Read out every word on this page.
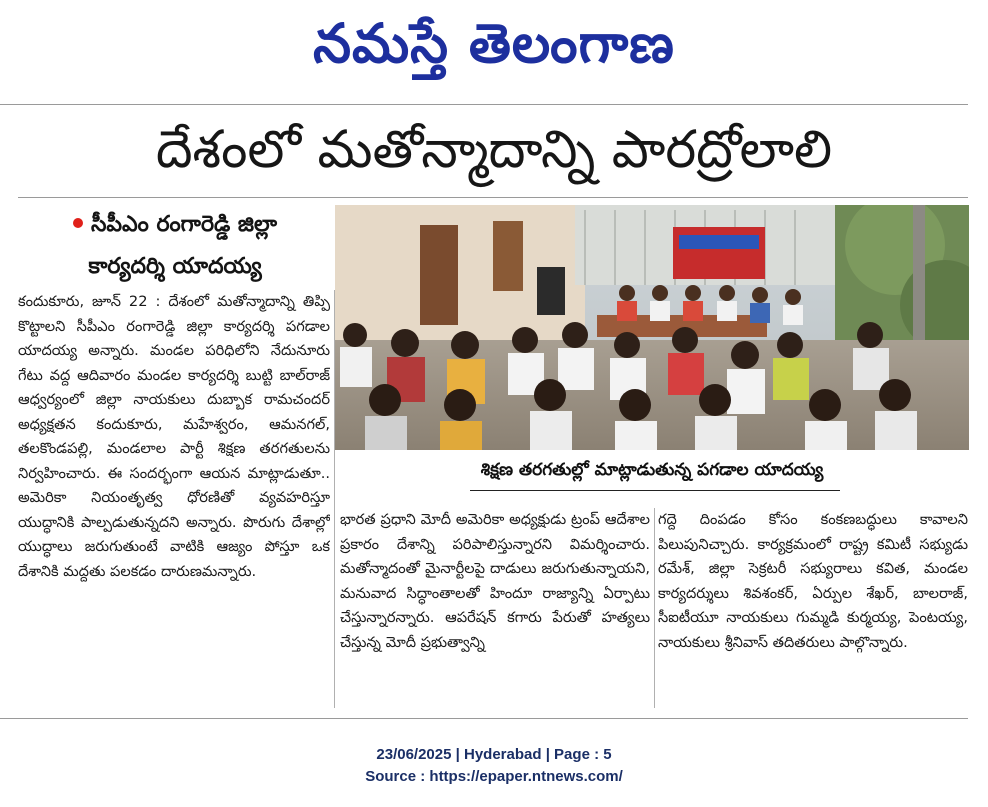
నమస్తే తెలంగాణ
దేశంలో మతోన్మాదాన్ని పారద్రోలాలి
సీపీఎం రంగారెడ్డి జిల్లా
కార్యదర్శి యాదయ్య

కందుకూరు, జూన్ 22 : దేశంలో మతోన్మాదాన్ని తిప్పి కొట్టాలని సీపీఎం రంగారెడ్డి జిల్లా కార్యదర్శి పగడాల యాదయ్య అన్నారు. మండల పరిధిలోని నేదునూరు గేటు వద్ద ఆదివారం మండల కార్యదర్శి బుట్టి బాల్‌రాజ్ ఆధ్వర్యంలో జిల్లా నాయకులు దుబ్బాక రామచందర్ అధ్యక్షతన కందుకూరు, మహేశ్వరం, ఆమనగల్, తలకొండపల్లి, మండలాల పార్టీ శిక్షణ తరగతులను నిర్వహించారు. ఈ సందర్భంగా ఆయన మాట్లాడుతూ.. అమెరికా నియంతృత్వ ధోరణితో వ్యవహరిస్తూ యుద్ధానికి పాల్పడుతున్నదని అన్నారు. పొరుగు దేశాల్లో యుద్ధాలు జరుగుతుంటే వాటికి ఆజ్యం పోస్తూ ఒక దేశానికి మద్దతు పలకడం దారుణమన్నారు.

శిక్షణ తరగతుల్లో మాట్లాడుతున్న పగడాల యాదయ్య

భారత ప్రధాని మోదీ అమెరికా అధ్యక్షుడు ట్రంప్ ఆదేశాల ప్రకారం దేశాన్ని పరిపాలిస్తున్నారని విమర్శించారు. మతోన్మాదంతో మైనార్టీలపై దాడులు జరుగుతున్నాయని, మనువాద సిద్ధాంతాలతో హిందూ రాజ్యాన్ని ఏర్పాటు చేస్తున్నారన్నారు. ఆపరేషన్ కగారు పేరుతో హత్యలు చేస్తున్న మోదీ ప్రభుత్వాన్ని

గద్దె దింపడం కోసం కంకణబద్ధులు కావాలని పిలుపునిచ్చారు. కార్యక్రమంలో రాష్ట్ర కమిటీ సభ్యుడు రమేశ్, జిల్లా సెక్రటరీ సభ్యురాలు కవిత, మండల కార్యదర్శులు శివశంకర్, ఏర్పుల శేఖర్, బాలరాజ్, సీఐటీయూ నాయకులు గుమ్మడి కుర్మయ్య, పెంటయ్య, నాయకులు శ్రీనివాస్ తదితరులు పాల్గొన్నారు.

23/06/2025 | Hyderabad | Page : 5
Source : https://epaper.ntnews.com/
